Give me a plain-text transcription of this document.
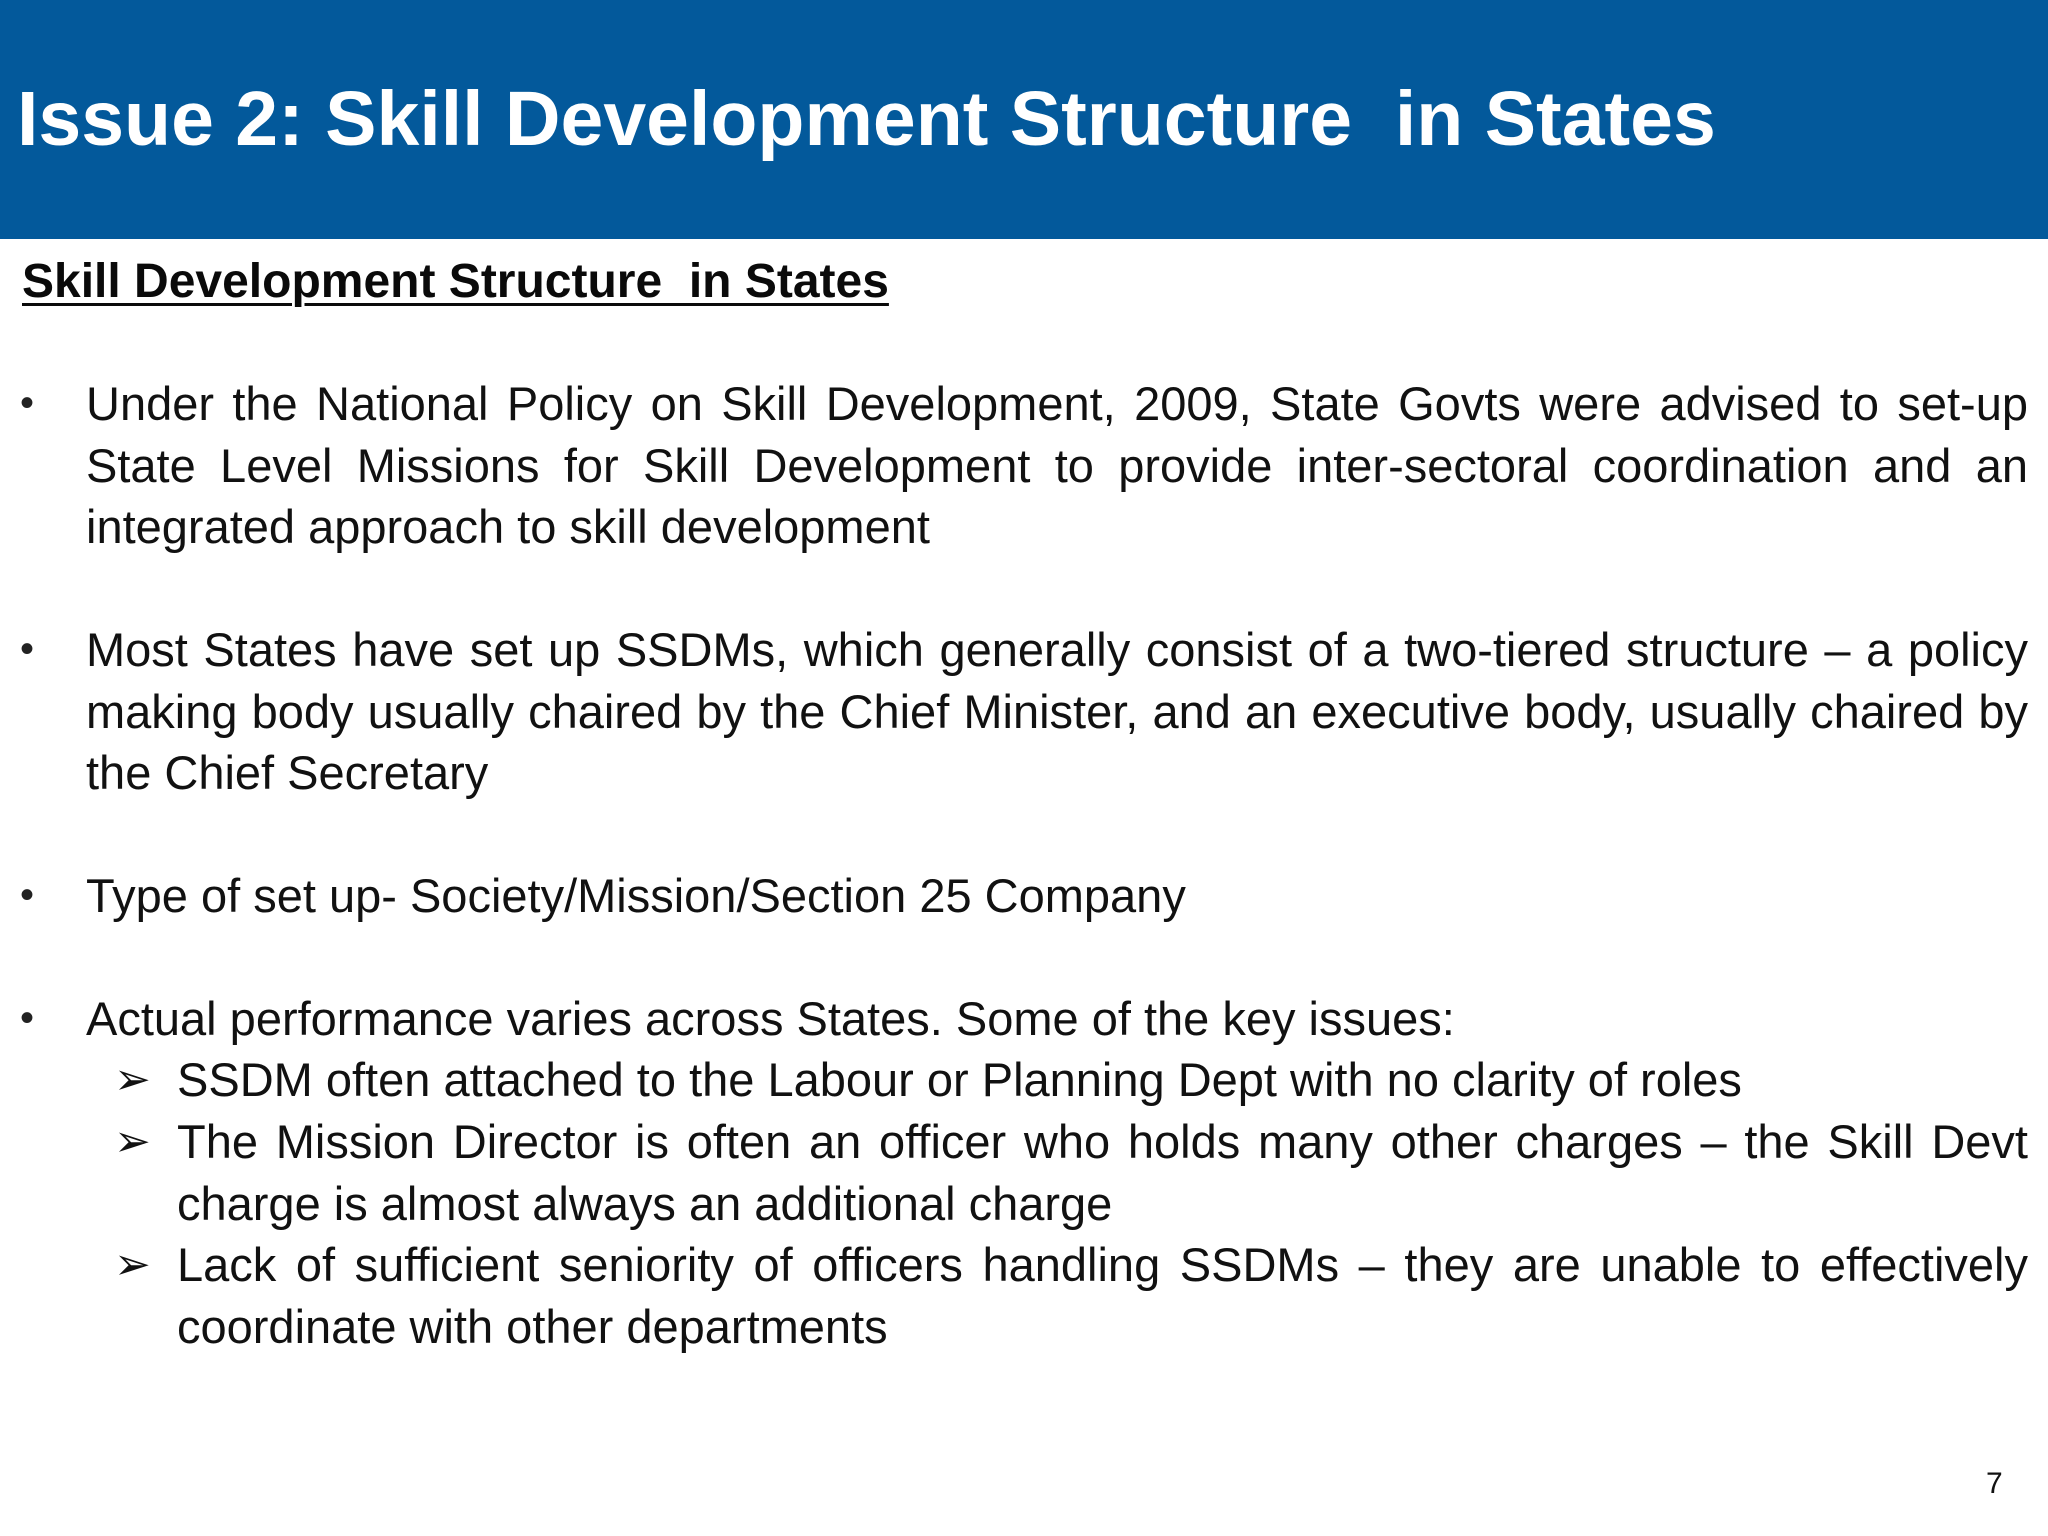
Issue 2: Skill Development Structure  in States
Skill Development Structure  in States
• Under the National Policy on Skill Development, 2009, State Govts were advised to set-up State Level Missions for Skill Development to provide inter-sectoral coordination and an integrated approach to skill development

• Most States have set up SSDMs, which generally consist of a two-tiered structure – a policy making body usually chaired by the Chief Minister, and an executive body, usually chaired by the Chief Secretary

• Type of set up- Society/Mission/Section 25 Company

• Actual performance varies across States. Some of the key issues:

➢ SSDM often attached to the Labour or Planning Dept with no clarity of roles

➢ The Mission Director is often an officer who holds many other charges – the Skill Devt charge is almost always an additional charge

➢ Lack of sufficient seniority of officers handling SSDMs – they are unable to effectively coordinate with other departments

7
